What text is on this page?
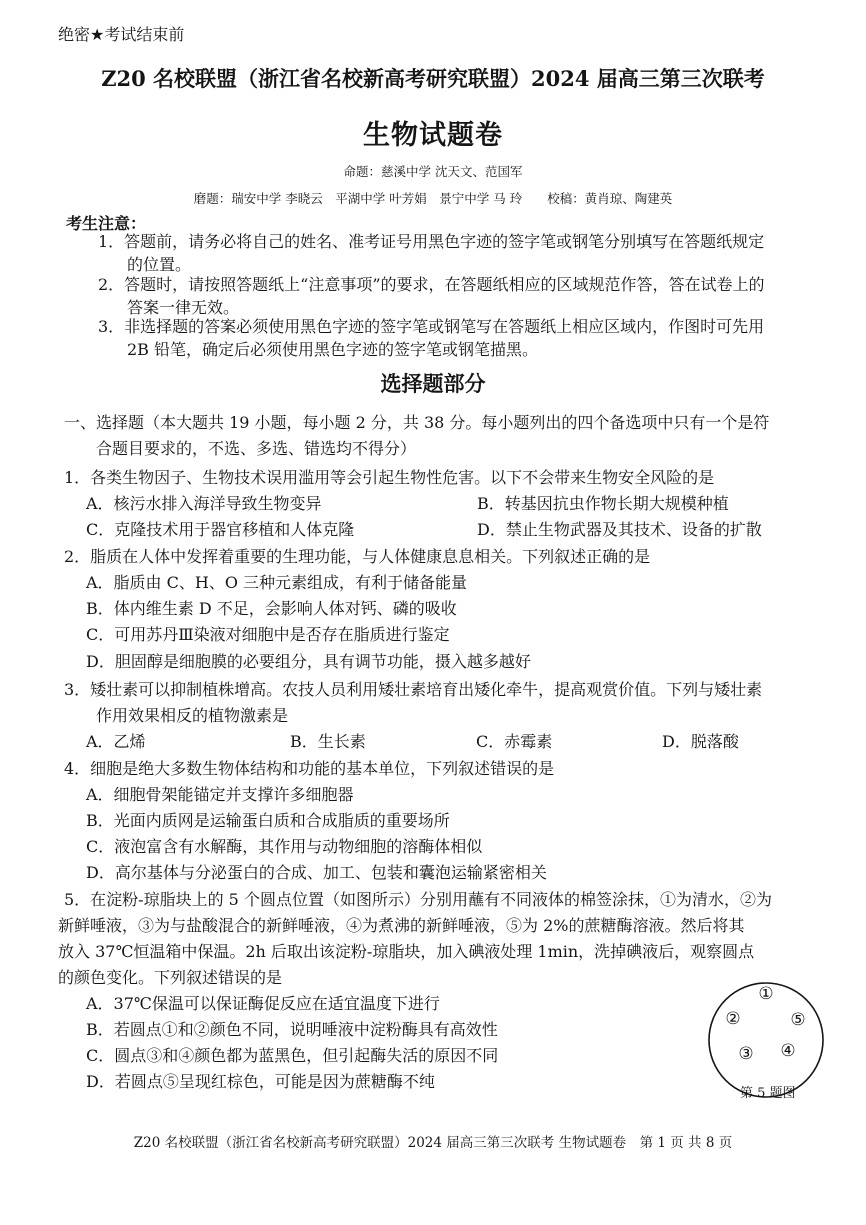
绝密★考试结束前
Z20 名校联盟（浙江省名校新高考研究联盟）2024 届高三第三次联考
生物试题卷
命题：慈溪中学 沈天文、范国军
磨题：瑞安中学 李晓云　平湖中学 叶芳娟　景宁中学 马 玲　　校稿：黄肖琼、陶建英
考生注意：
1．答题前，请务必将自己的姓名、准考证号用黑色字迹的签字笔或钢笔分别填写在答题纸规定
的位置。
2．答题时，请按照答题纸上“注意事项”的要求，在答题纸相应的区域规范作答，答在试卷上的
答案一律无效。
3．非选择题的答案必须使用黑色字迹的签字笔或钢笔写在答题纸上相应区域内，作图时可先用
2B 铅笔，确定后必须使用黑色字迹的签字笔或钢笔描黑。
选择题部分
一、选择题（本大题共 19 小题，每小题 2 分，共 38 分。每小题列出的四个备选项中只有一个是符
合题目要求的，不选、多选、错选均不得分）
1．各类生物因子、生物技术误用滥用等会引起生物性危害。以下不会带来生物安全风险的是
A．核污水排入海洋导致生物变异	B．转基因抗虫作物长期大规模种植
C．克隆技术用于器官移植和人体克隆	D．禁止生物武器及其技术、设备的扩散
2．脂质在人体中发挥着重要的生理功能，与人体健康息息相关。下列叙述正确的是
A．脂质由 C、H、O 三种元素组成，有利于储备能量
B．体内维生素 D 不足，会影响人体对钙、磷的吸收
C．可用苏丹Ⅲ染液对细胞中是否存在脂质进行鉴定
D．胆固醇是细胞膜的必要组分，具有调节功能，摄入越多越好
3．矮壮素可以抑制植株增高。农技人员利用矮壮素培育出矮化牵牛，提高观赏价值。下列与矮壮素
作用效果相反的植物激素是
A．乙烯	B．生长素	C．赤霉素	D．脱落酸
4．细胞是绝大多数生物体结构和功能的基本单位，下列叙述错误的是
A．细胞骨架能锚定并支撑许多细胞器
B．光面内质网是运输蛋白质和合成脂质的重要场所
C．液泡富含有水解酶，其作用与动物细胞的溶酶体相似
D．高尔基体与分泌蛋白的合成、加工、包装和囊泡运输紧密相关
5．在淀粉-琼脂块上的 5 个圆点位置（如图所示）分别用蘸有不同液体的棉签涂抹，①为清水，②为
新鲜唾液，③为与盐酸混合的新鲜唾液，④为煮沸的新鲜唾液，⑤为 2%的蔗糖酶溶液。然后将其
放入 37℃恒温箱中保温。2h 后取出该淀粉-琼脂块，加入碘液处理 1min，洗掉碘液后，观察圆点
的颜色变化。下列叙述错误的是
A．37℃保温可以保证酶促反应在适宜温度下进行
B．若圆点①和②颜色不同，说明唾液中淀粉酶具有高效性
C．圆点③和④颜色都为蓝黑色，但引起酶失活的原因不同
D．若圆点⑤呈现红棕色，可能是因为蔗糖酶不纯
①
②
③ ④
⑤
第 5 题图
Z20 名校联盟（浙江省名校新高考研究联盟）2024 届高三第三次联考 生物试题卷　第 1 页 共 8 页
